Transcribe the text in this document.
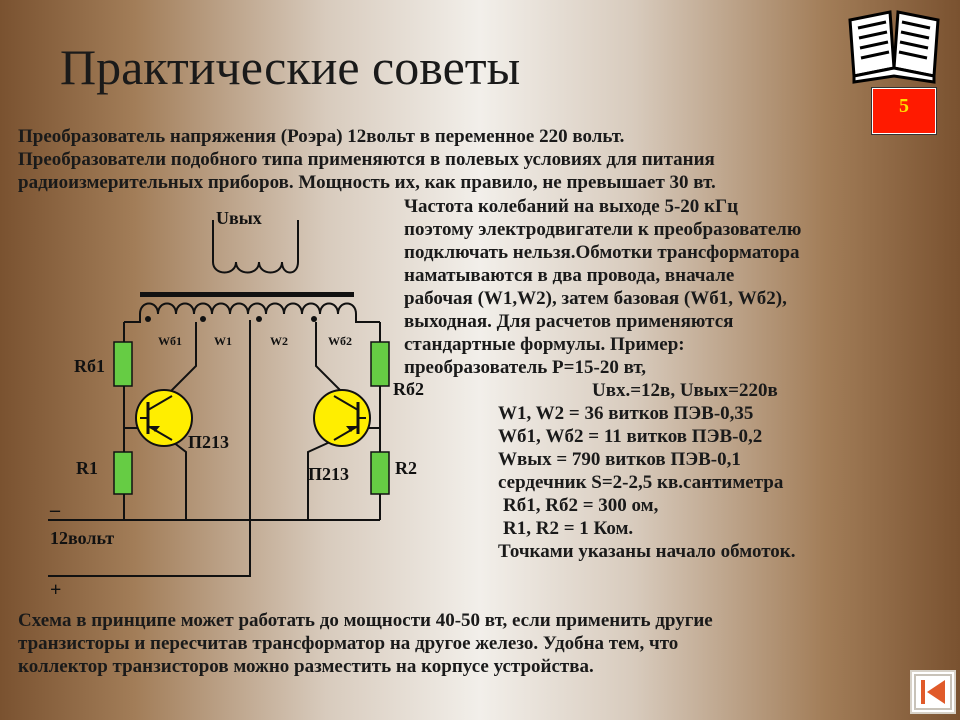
Практические советы
5
Преобразователь напряжения (Роэра) 12вольт в переменное 220 вольт.
Преобразователи подобного типа применяются в полевых условиях для питания
радиоизмерительных приборов. Мощность их, как правило, не превышает 30 вт.
Частота колебаний на выходе 5-20 кГц
поэтому электродвигатели к преобразователю
подключать нельзя.Обмотки трансформатора
наматываются в два провода, вначале
рабочая (W1,W2), затем базовая (Wб1, Wб2),
выходная. Для расчетов применяются
стандартные формулы. Пример:
преобразователь Р=15-20 вт,
Uвх.=12в, Uвых=220в
W1, W2 = 36 витков ПЭВ-0,35
Wб1, Wб2 = 11 витков ПЭВ-0,2
Wвых = 790 витков ПЭВ-0,1
сердечник S=2-2,5 кв.сантиметра
Rб1, Rб2 = 300 ом,
R1, R2 = 1 Ком.
Точками указаны начало обмоток.
Схема в принципе может работать до мощности 40-50 вт, если применить другие
транзисторы и пересчитав трансформатор на другое железо. Удобна тем, что
коллектор транзисторов можно разместить на корпусе устройства.
Uвых
Wб1	W1	W2	Wб2
Rб1
Rб2
R1	R2
П213
П213
–
12вольт
+
